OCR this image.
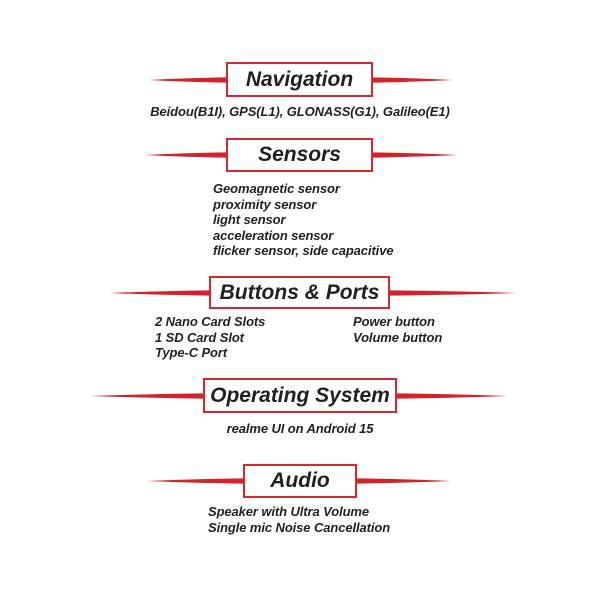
Navigation
Beidou(B1I), GPS(L1), GLONASS(G1), Galileo(E1)
Sensors
Geomagnetic sensor
proximity sensor
light sensor
acceleration sensor
flicker sensor, side capacitive
Buttons & Ports
2 Nano Card Slots
1 SD Card Slot
Type-C Port
Power button
Volume button
Operating System
realme UI on Android 15
Audio
Speaker with Ultra Volume
Single mic Noise Cancellation
